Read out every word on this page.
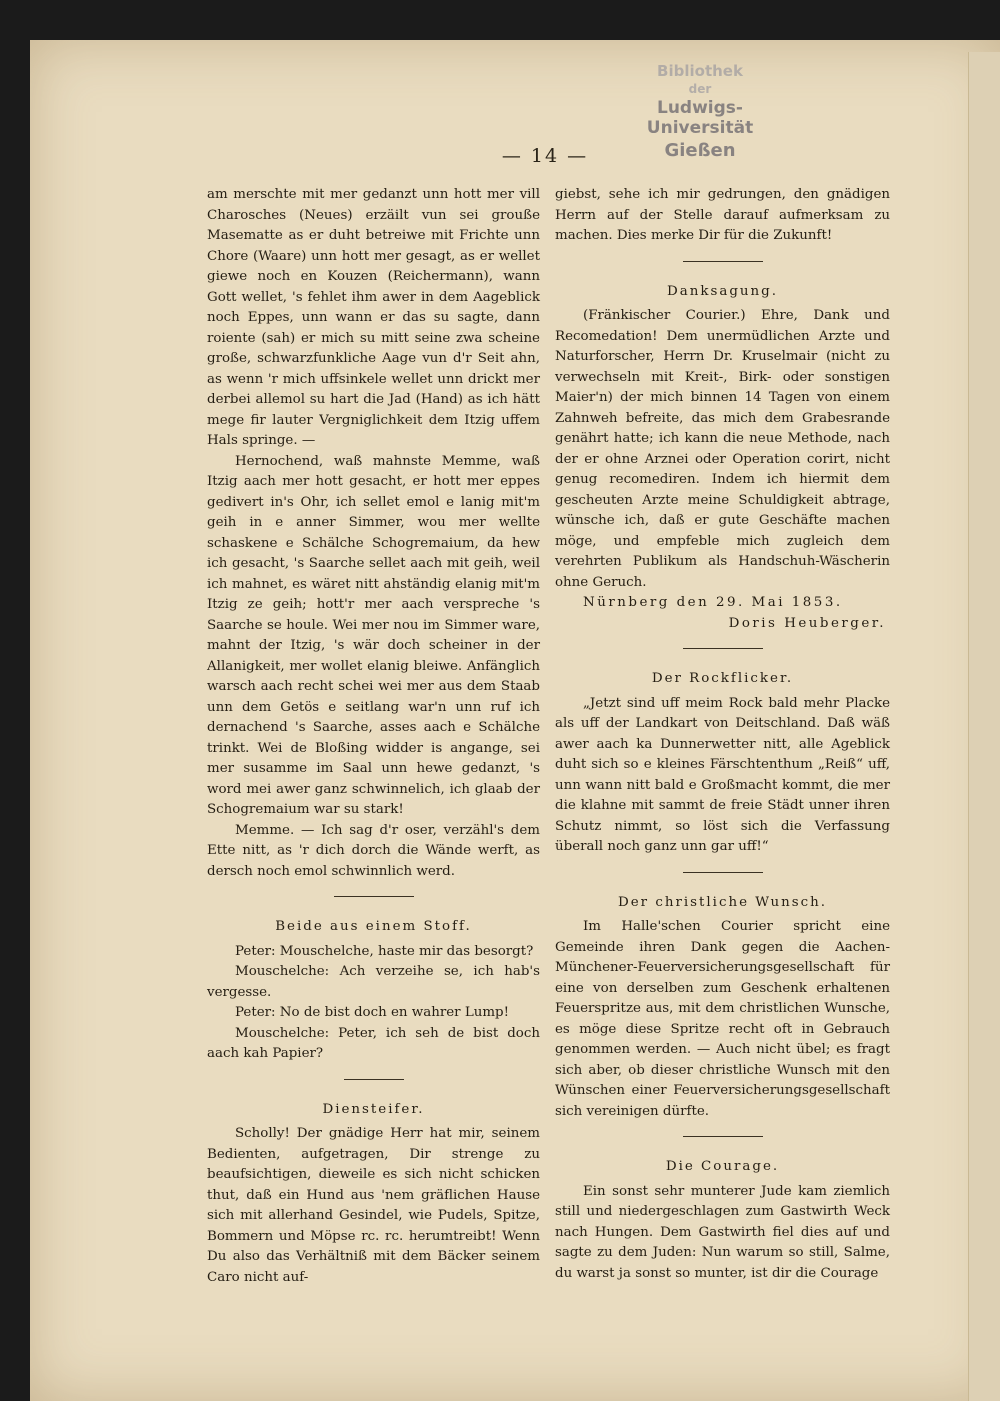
Bibliothek
der
Ludwigs-Universität
Gießen
— 14 —

am merschte mit mer gedanzt unn hott mer vill Charosches (Neues) erzäilt vun sei grouße Masematte as er duht betreiwe mit Frichte unn Chore (Waare) unn hott mer gesagt, as er wellet giewe noch en Kouzen (Reichermann), wann Gott wellet, 's fehlet ihm awer in dem Aageblick noch Eppes, unn wann er das su sagte, dann roiente (sah) er mich su mitt seine zwa scheine große, schwarzfunkliche Aage vun d'r Seit ahn, as wenn 'r mich uffsinkele wellet unn drickt mer derbei allemol su hart die Jad (Hand) as ich hätt mege fir lauter Vergniglichkeit dem Itzig uffem Hals springe. —

Hernochend, waß mahnste Memme, waß Itzig aach mer hott gesacht, er hott mer eppes gedivert in's Ohr, ich sellet emol e lanig mit'm geih in e anner Simmer, wou mer wellte schaskene e Schälche Schogremaium, da hew ich gesacht, 's Saarche sellet aach mit geih, weil ich mahnet, es wäret nitt ahständig elanig mit'm Itzig ze geih; hott'r mer aach verspreche 's Saarche se houle. Wei mer nou im Simmer ware, mahnt der Itzig, 's wär doch scheiner in der Allanigkeit, mer wollet elanig bleiwe. Anfänglich warsch aach recht schei wei mer aus dem Staab unn dem Getös e seitlang war'n unn ruf ich dernachend 's Saarche, asses aach e Schälche trinkt. Wei de Bloßing widder is angange, sei mer susamme im Saal unn hewe gedanzt, 's word mei awer ganz schwinnelich, ich glaab der Schogremaium war su stark!

Memme. — Ich sag d'r oser, verzähl's dem Ette nitt, as 'r dich dorch die Wände werft, as dersch noch emol schwinnlich werd.

Beide aus einem Stoff.

Peter: Mouschelche, haste mir das besorgt?

Mouschelche: Ach verzeihe se, ich hab's vergesse.

Peter: No de bist doch en wahrer Lump!

Mouschelche: Peter, ich seh de bist doch aach kah Papier?

Diensteifer.

Scholly! Der gnädige Herr hat mir, seinem Bedienten, aufgetragen, Dir strenge zu beaufsichtigen, dieweile es sich nicht schicken thut, daß ein Hund aus 'nem gräflichen Hause sich mit allerhand Gesindel, wie Pudels, Spitze, Bommern und Möpse rc. rc. herumtreibt! Wenn Du also das Verhältniß mit dem Bäcker seinem Caro nicht auf-

giebst, sehe ich mir gedrungen, den gnädigen Herrn auf der Stelle darauf aufmerksam zu machen. Dies merke Dir für die Zukunft!

Danksagung.

(Fränkischer Courier.) Ehre, Dank und Recomedation! Dem unermüdlichen Arzte und Naturforscher, Herrn Dr. Kruselmair (nicht zu verwechseln mit Kreit-, Birk- oder sonstigen Maier'n) der mich binnen 14 Tagen von einem Zahnweh befreite, das mich dem Grabesrande genährt hatte; ich kann die neue Methode, nach der er ohne Arznei oder Operation corirt, nicht genug recomediren. Indem ich hiermit dem gescheuten Arzte meine Schuldigkeit abtrage, wünsche ich, daß er gute Geschäfte machen möge, und empfeble mich zugleich dem verehrten Publikum als Handschuh-Wäscherin ohne Geruch.

Nürnberg den 29. Mai 1853.

Doris Heuberger.

Der Rockflicker.

„Jetzt sind uff meim Rock bald mehr Placke als uff der Landkart von Deitschland. Daß wäß awer aach ka Dunnerwetter nitt, alle Ageblick duht sich so e kleines Färschtenthum „Reiß“ uff, unn wann nitt bald e Großmacht kommt, die mer die klahne mit sammt de freie Städt unner ihren Schutz nimmt, so löst sich die Verfassung überall noch ganz unn gar uff!“

Der christliche Wunsch.

Im Halle'schen Courier spricht eine Gemeinde ihren Dank gegen die Aachen-Münchener-Feuerversicherungsgesellschaft für eine von derselben zum Geschenk erhaltenen Feuerspritze aus, mit dem christlichen Wunsche, es möge diese Spritze recht oft in Gebrauch genommen werden. — Auch nicht übel; es fragt sich aber, ob dieser christliche Wunsch mit den Wünschen einer Feuerversicherungsgesellschaft sich vereinigen dürfte.

Die Courage.

Ein sonst sehr munterer Jude kam ziemlich still und niedergeschlagen zum Gastwirth Weck nach Hungen. Dem Gastwirth fiel dies auf und sagte zu dem Juden: Nun warum so still, Salme, du warst ja sonst so munter, ist dir die Courage
